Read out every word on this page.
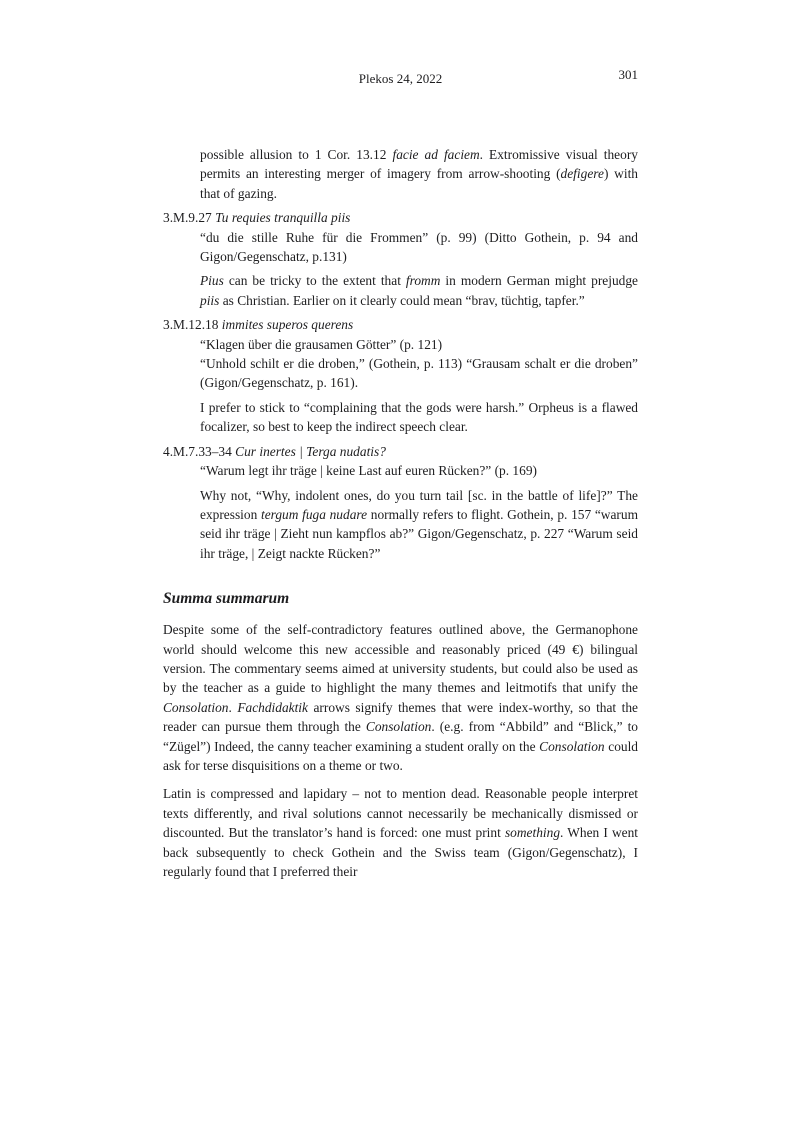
Plekos 24, 2022	301

possible allusion to 1 Cor. 13.12 facie ad faciem. Extromissive visual theory permits an interesting merger of imagery from arrow-shooting (defigere) with that of gazing.

3.M.9.27 Tu requies tranquilla piis

“du die stille Ruhe für die Frommen” (p. 99) (Ditto Gothein, p. 94 and Gigon/Gegenschatz, p.131)

Pius can be tricky to the extent that fromm in modern German might prejudge piis as Christian. Earlier on it clearly could mean “brav, tüchtig, tapfer.”

3.M.12.18 immites superos querens

“Klagen über die grausamen Götter” (p. 121)

“Unhold schilt er die droben,” (Gothein, p. 113) “Grausam schalt er die droben” (Gigon/Gegenschatz, p. 161).

I prefer to stick to “complaining that the gods were harsh.” Orpheus is a flawed focalizer, so best to keep the indirect speech clear.

4.M.7.33–34 Cur inertes | Terga nudatis?

“Warum legt ihr träge | keine Last auf euren Rücken?” (p. 169)

Why not, “Why, indolent ones, do you turn tail [sc. in the battle of life]?” The expression tergum fuga nudare normally refers to flight. Gothein, p. 157 “warum seid ihr träge | Zieht nun kampflos ab?” Gigon/Gegenschatz, p. 227 “Warum seid ihr träge, | Zeigt nackte Rücken?”

Summa summarum

Despite some of the self-contradictory features outlined above, the Germanophone world should welcome this new accessible and reasonably priced (49 €) bilingual version. The commentary seems aimed at university students, but could also be used as by the teacher as a guide to highlight the many themes and leitmotifs that unify the Consolation. Fachdidaktik arrows signify themes that were index-worthy, so that the reader can pursue them through the Consolation. (e.g. from “Abbild” and “Blick,” to “Zügel”) Indeed, the canny teacher examining a student orally on the Consolation could ask for terse disquisitions on a theme or two.

Latin is compressed and lapidary – not to mention dead. Reasonable people interpret texts differently, and rival solutions cannot necessarily be mechanically dismissed or discounted. But the translator’s hand is forced: one must print something. When I went back subsequently to check Gothein and the Swiss team (Gigon/Gegenschatz), I regularly found that I preferred their
